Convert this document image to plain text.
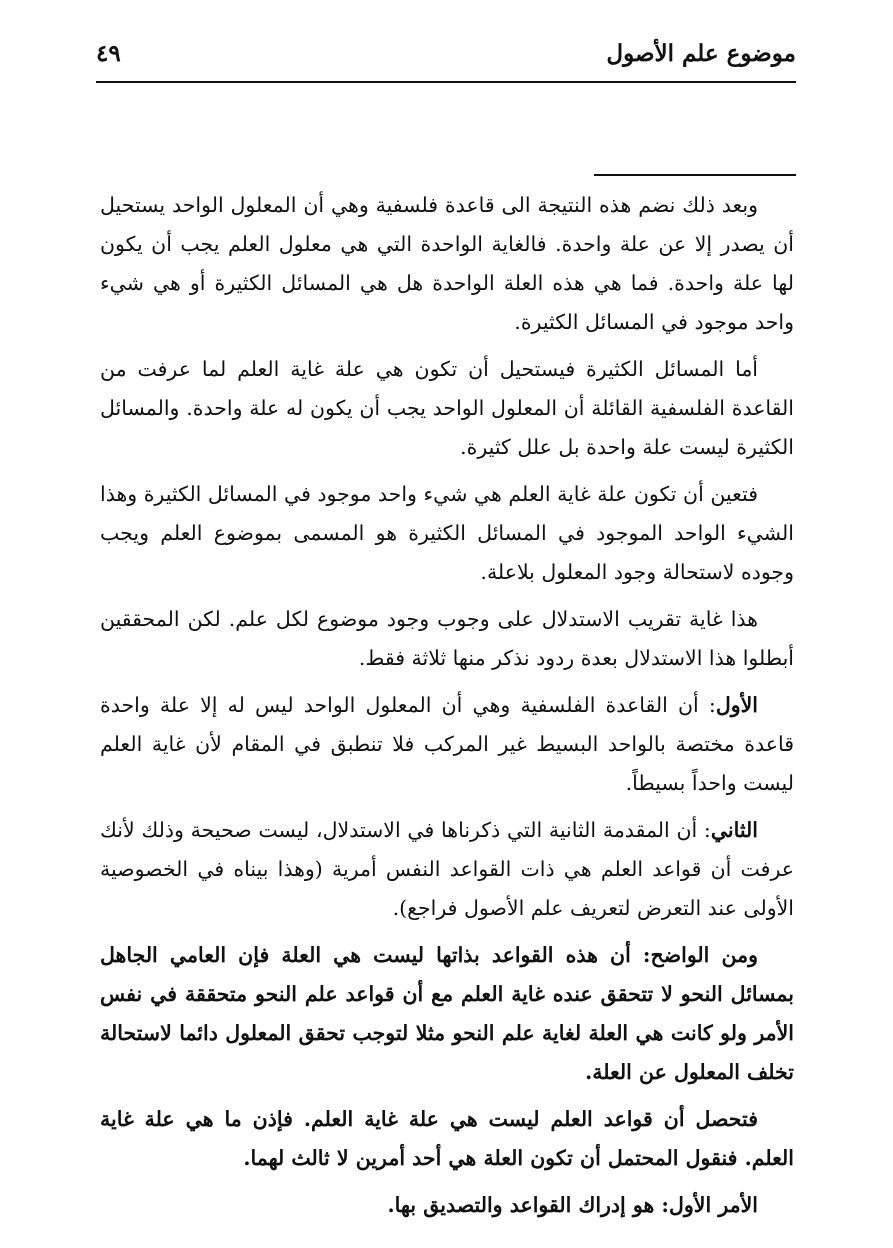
موضوع علم الأصول
٤٩

وبعد ذلك نضم هذه النتيجة الى قاعدة فلسفية وهي أن المعلول الواحد يستحيل أن يصدر إلا عن علة واحدة. فالغاية الواحدة التي هي معلول العلم يجب أن يكون لها علة واحدة. فما هي هذه العلة الواحدة هل هي المسائل الكثيرة أو هي شيء واحد موجود في المسائل الكثيرة.

أما المسائل الكثيرة فيستحيل أن تكون هي علة غاية العلم لما عرفت من القاعدة الفلسفية القائلة أن المعلول الواحد يجب أن يكون له علة واحدة. والمسائل الكثيرة ليست علة واحدة بل علل كثيرة.

فتعين أن تكون علة غاية العلم هي شيء واحد موجود في المسائل الكثيرة وهذا الشيء الواحد الموجود في المسائل الكثيرة هو المسمى بموضوع العلم ويجب وجوده لاستحالة وجود المعلول بلاعلة.

هذا غاية تقريب الاستدلال على وجوب وجود موضوع لكل علم. لكن المحققين أبطلوا هذا الاستدلال بعدة ردود نذكر منها ثلاثة فقط.

الأول: أن القاعدة الفلسفية وهي أن المعلول الواحد ليس له إلا علة واحدة قاعدة مختصة بالواحد البسيط غير المركب فلا تنطبق في المقام لأن غاية العلم ليست واحداً بسيطاً.

الثاني: أن المقدمة الثانية التي ذكرناها في الاستدلال، ليست صحيحة وذلك لأنك عرفت أن قواعد العلم هي ذات القواعد النفس أمرية (وهذا بيناه في الخصوصية الأولى عند التعرض لتعريف علم الأصول فراجع).

ومن الواضح: أن هذه القواعد بذاتها ليست هي العلة فإن العامي الجاهل بمسائل النحو لا تتحقق عنده غاية العلم مع أن قواعد علم النحو متحققة في نفس الأمر ولو كانت هي العلة لغاية علم النحو مثلا لتوجب تحقق المعلول دائما لاستحالة تخلف المعلول عن العلة.

فتحصل أن قواعد العلم ليست هي علة غاية العلم. فإذن ما هي علة غاية العلم. فنقول المحتمل أن تكون العلة هي أحد أمرين لا ثالث لهما.

الأمر الأول: هو إدراك القواعد والتصديق بها.
